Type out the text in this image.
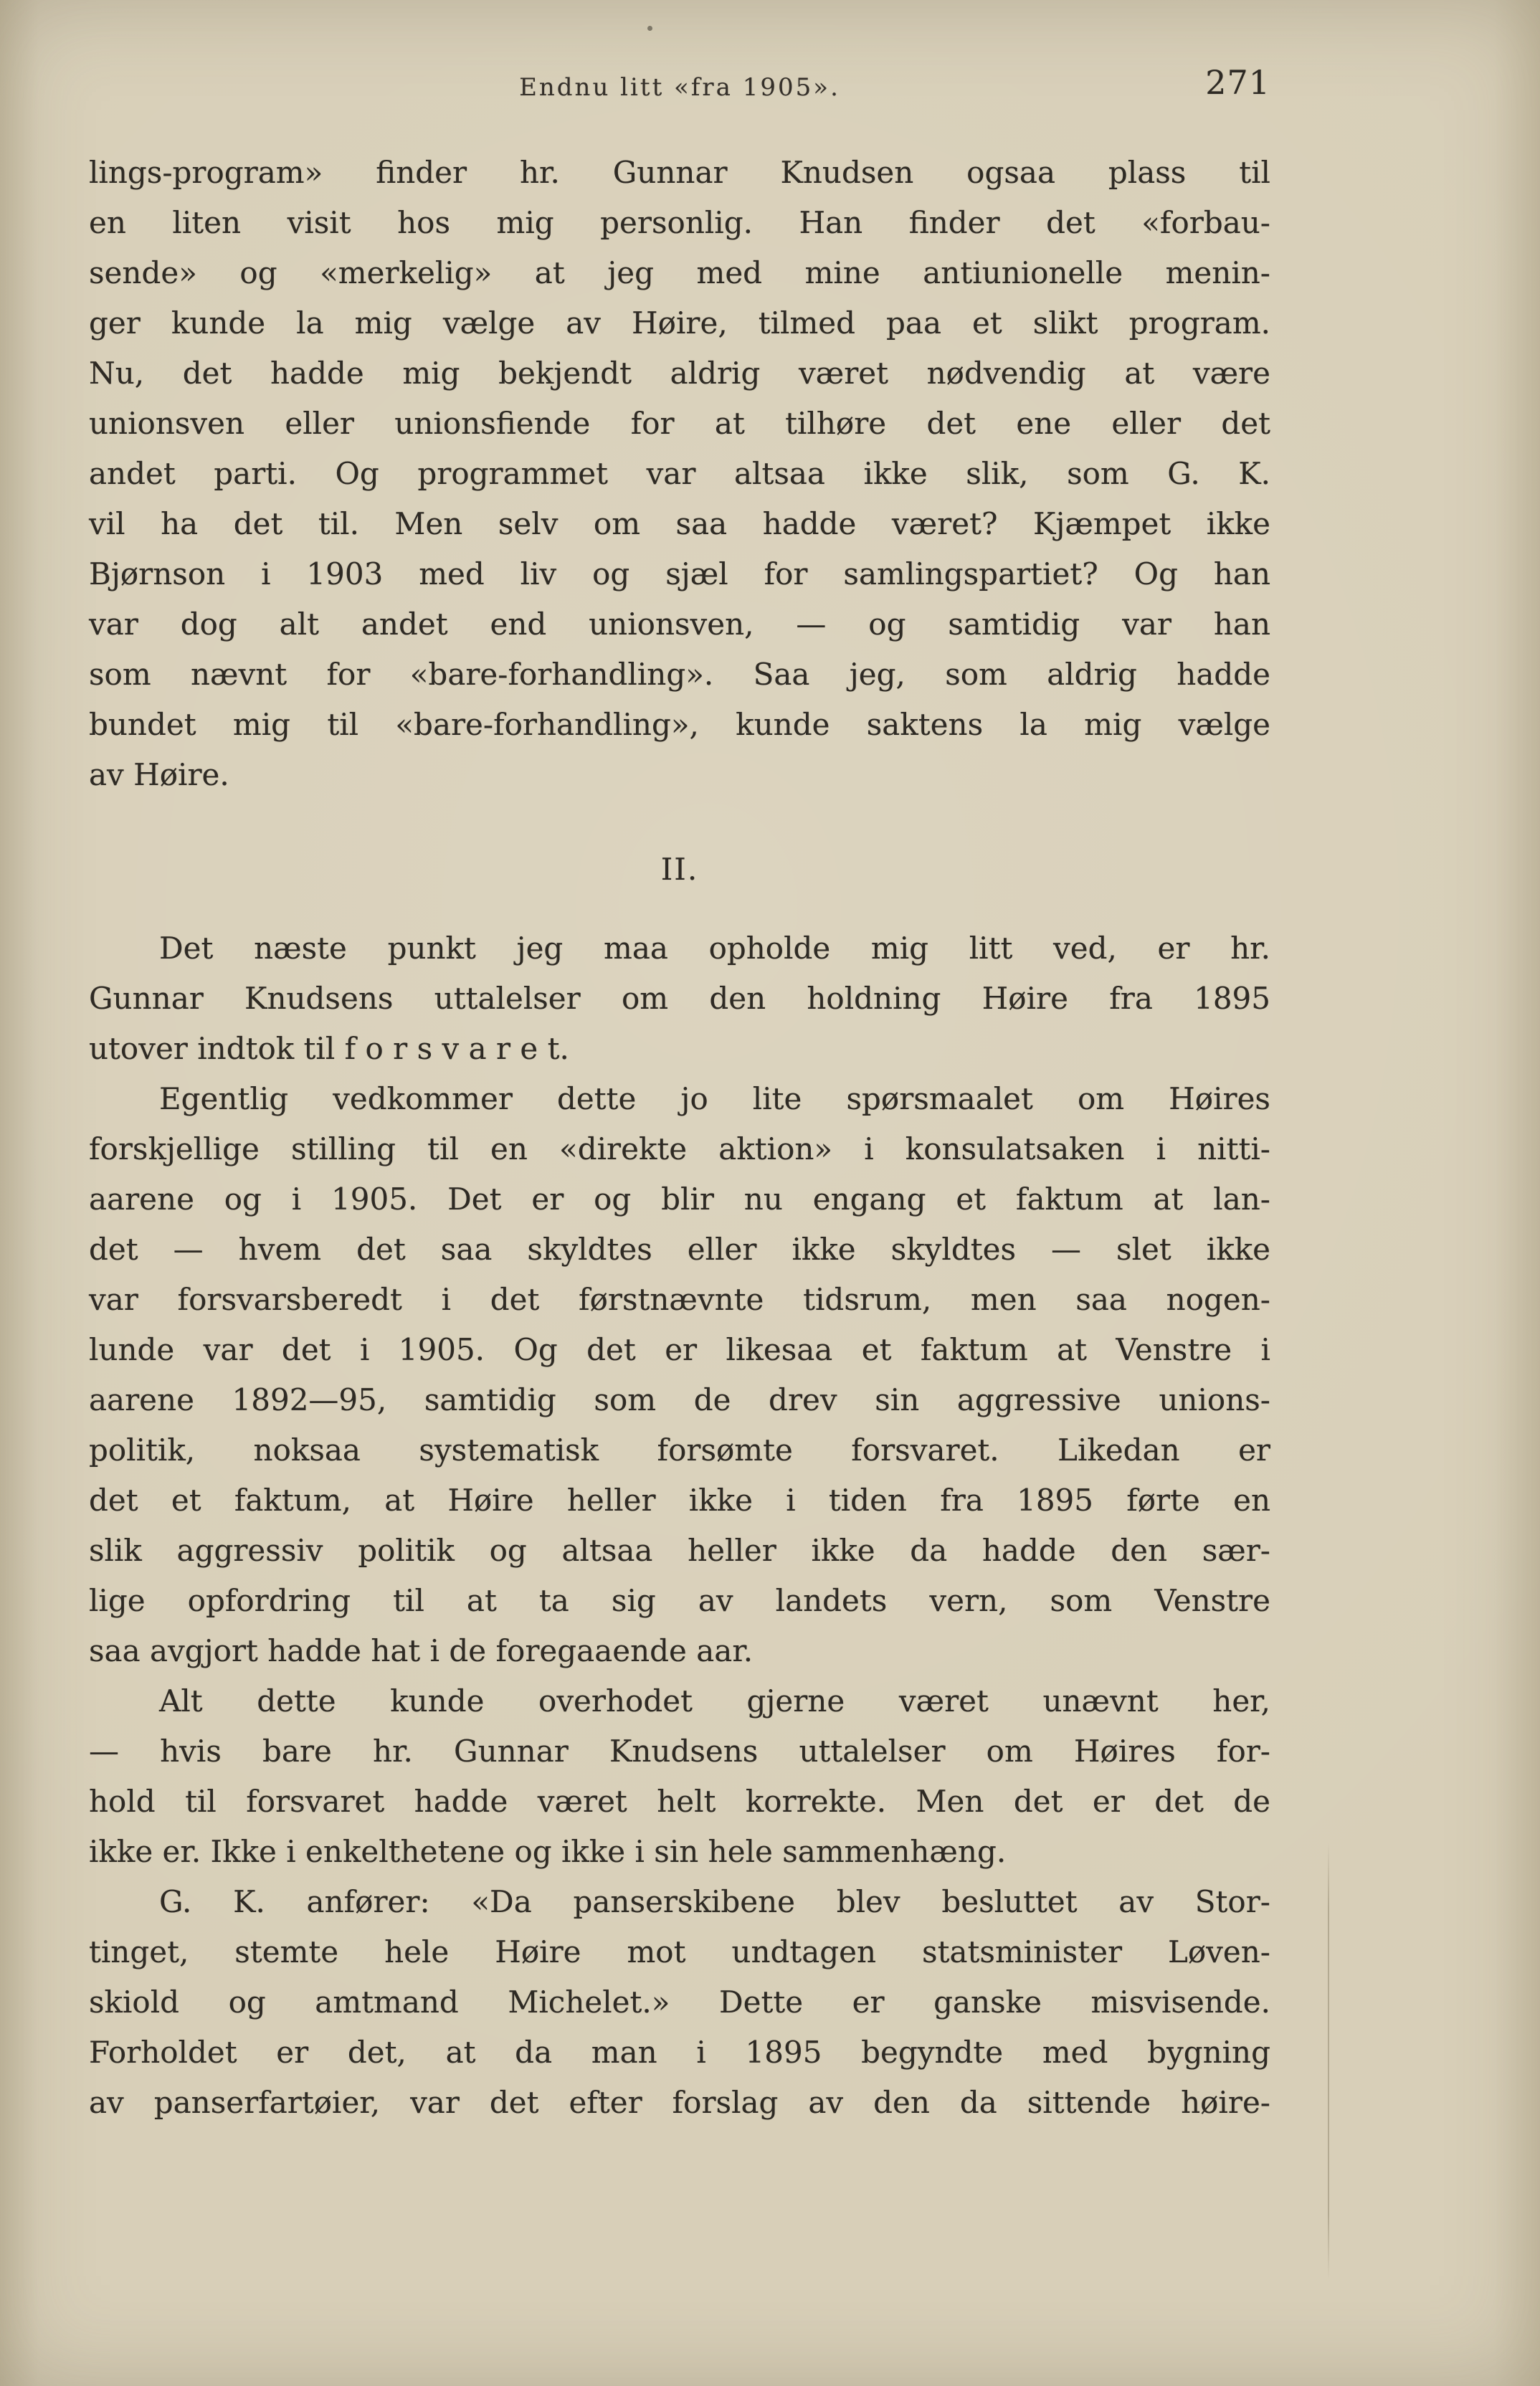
Endnu litt «fra 1905».	271
lings-program» finder hr. Gunnar Knudsen ogsaa plass til
en liten visit hos mig personlig. Han finder det «forbau-
sende» og «merkelig» at jeg med mine antiunionelle menin-
ger kunde la mig vælge av Høire, tilmed paa et slikt program.
Nu, det hadde mig bekjendt aldrig været nødvendig at være
unionsven eller unionsfiende for at tilhøre det ene eller det
andet parti. Og programmet var altsaa ikke slik, som G. K.
vil ha det til. Men selv om saa hadde været? Kjæmpet ikke
Bjørnson i 1903 med liv og sjæl for samlingspartiet? Og han
var dog alt andet end unionsven, — og samtidig var han
som nævnt for «bare-forhandling». Saa jeg, som aldrig hadde
bundet mig til «bare-forhandling», kunde saktens la mig vælge
av Høire.
II.
Det næste punkt jeg maa opholde mig litt ved, er hr.
Gunnar Knudsens uttalelser om den holdning Høire fra 1895
utover indtok til f o r s v a r e t.
Egentlig vedkommer dette jo lite spørsmaalet om Høires
forskjellige stilling til en «direkte aktion» i konsulatsaken i nitti-
aarene og i 1905. Det er og blir nu engang et faktum at lan-
det — hvem det saa skyldtes eller ikke skyldtes — slet ikke
var forsvarsberedt i det førstnævnte tidsrum, men saa nogen-
lunde var det i 1905. Og det er likesaa et faktum at Venstre i
aarene 1892—95, samtidig som de drev sin aggressive unions-
politik, noksaa systematisk forsømte forsvaret. Likedan er
det et faktum, at Høire heller ikke i tiden fra 1895 førte en
slik aggressiv politik og altsaa heller ikke da hadde den sær-
lige opfordring til at ta sig av landets vern, som Venstre
saa avgjort hadde hat i de foregaaende aar.
Alt dette kunde overhodet gjerne været unævnt her,
— hvis bare hr. Gunnar Knudsens uttalelser om Høires for-
hold til forsvaret hadde været helt korrekte. Men det er det de
ikke er. Ikke i enkelthetene og ikke i sin hele sammenhæng.
G. K. anfører: «Da panserskibene blev besluttet av Stor-
tinget, stemte hele Høire mot undtagen statsminister Løven-
skiold og amtmand Michelet.» Dette er ganske misvisende.
Forholdet er det, at da man i 1895 begyndte med bygning
av panserfartøier, var det efter forslag av den da sittende høire-
